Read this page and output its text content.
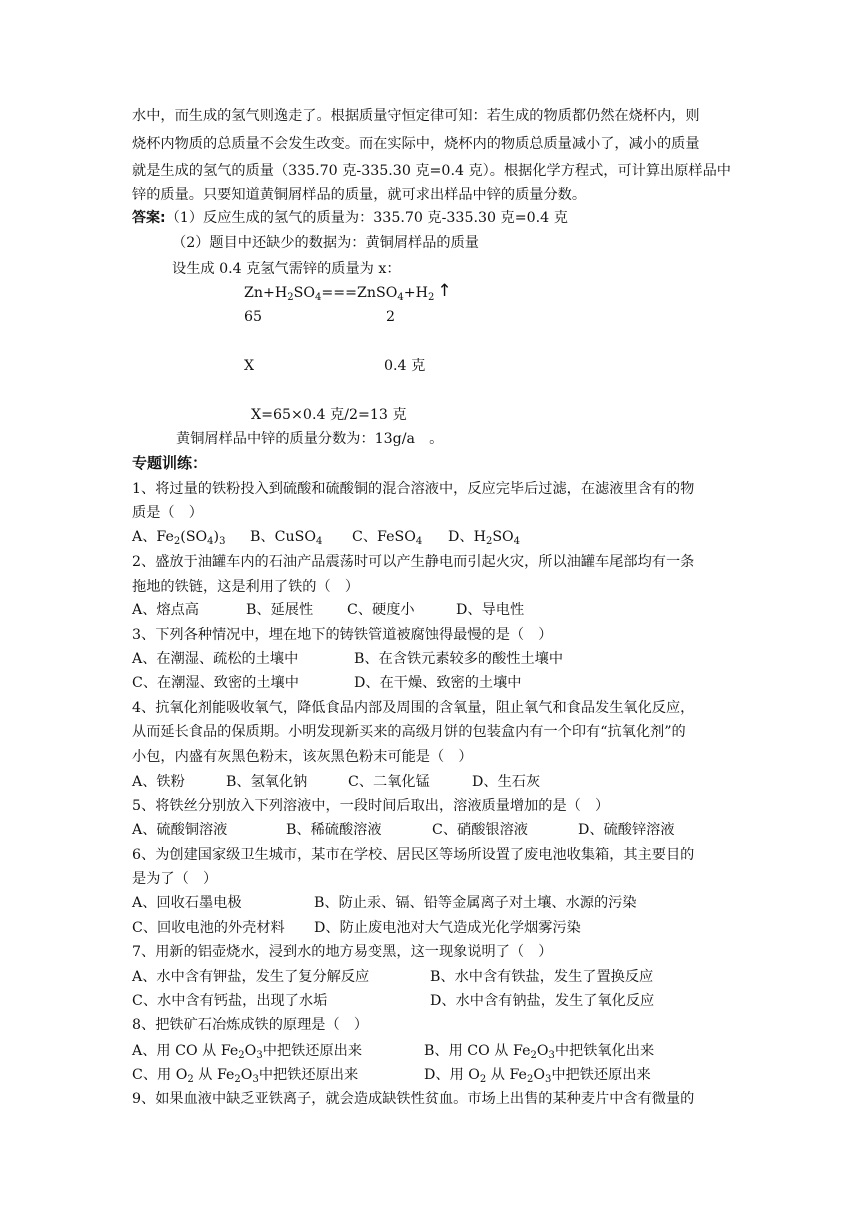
水中，而生成的氢气则逸走了。根据质量守恒定律可知：若生成的物质都仍然在烧杯内，则
烧杯内物质的总质量不会发生改变。而在实际中，烧杯内的物质总质量减小了，减小的质量
就是生成的氢气的质量（335.70 克-335.30 克=0.4 克）。根据化学方程式，可计算出原样品中
锌的质量。只要知道黄铜屑样品的质量，就可求出样品中锌的质量分数。
答案:（1）反应生成的氢气的质量为：335.70 克-335.30 克=0.4 克
（2）题目中还缺少的数据为：黄铜屑样品的质量
设生成 0.4 克氢气需锌的质量为 x：
$Zn+H_2SO_4===ZnSO_4+H_2$ ↑
65	2
X	0.4 克
X=65×0.4 克/2=13 克
黄铜屑样品中锌的质量分数为：13g/a　。
专题训练：
1、将过量的铁粉投入到硫酸和硫酸铜的混合溶液中，反应完毕后过滤，在滤液里含有的物
质是（　）
A、$Fe_2(SO_4)_3$ B、CuSO$_4$ C、FeSO$_4$ D、$H_2SO_4$
2、盛放于油罐车内的石油产品震荡时可以产生静电而引起火灾，所以油罐车尾部均有一条
拖地的铁链，这是利用了铁的（　）
A、熔点高	B、延展性 C、硬度小	D、导电性
3、下列各种情况中，埋在地下的铸铁管道被腐蚀得最慢的是（　）
A、在潮湿、疏松的土壤中	B、在含铁元素较多的酸性土壤中
C、在潮湿、致密的土壤中	D、在干燥、致密的土壤中
4、抗氧化剂能吸收氧气，降低食品内部及周围的含氧量，阻止氧气和食品发生氧化反应，
从而延长食品的保质期。小明发现新买来的高级月饼的包装盒内有一个印有“抗氧化剂”的
小包，内盛有灰黑色粉末，该灰黑色粉末可能是（　）
A、铁粉	B、氢氧化钠	C、二氧化锰	D、生石灰
5、将铁丝分别放入下列溶液中，一段时间后取出，溶液质量增加的是（　）
A、硫酸铜溶液	B、稀硫酸溶液	C、硝酸银溶液	D、硫酸锌溶液
6、为创建国家级卫生城市，某市在学校、居民区等场所设置了废电池收集箱，其主要目的
是为了（　）
A、回收石墨电极	B、防止汞、镉、铅等金属离子对土壤、水源的污染
C、回收电池的外壳材料 D、防止废电池对大气造成光化学烟雾污染
7、用新的铝壶烧水，浸到水的地方易变黑，这一现象说明了（　）
A、水中含有钾盐，发生了复分解反应	B、水中含有铁盐，发生了置换反应
C、水中含有钙盐，出现了水垢	D、水中含有钠盐，发生了氧化反应
8、把铁矿石冶炼成铁的原理是（　）
A、用 CO 从 $Fe_2O_3$中把铁还原出来	B、用 CO 从 $Fe_2O_3$中把铁氧化出来
C、用 $O_2$ 从 $Fe_2O_3$中把铁还原出来	D、用 $O_2$ 从 $Fe_2O_3$中把铁还原出来
9、如果血液中缺乏亚铁离子，就会造成缺铁性贫血。市场上出售的某种麦片中含有微量的
